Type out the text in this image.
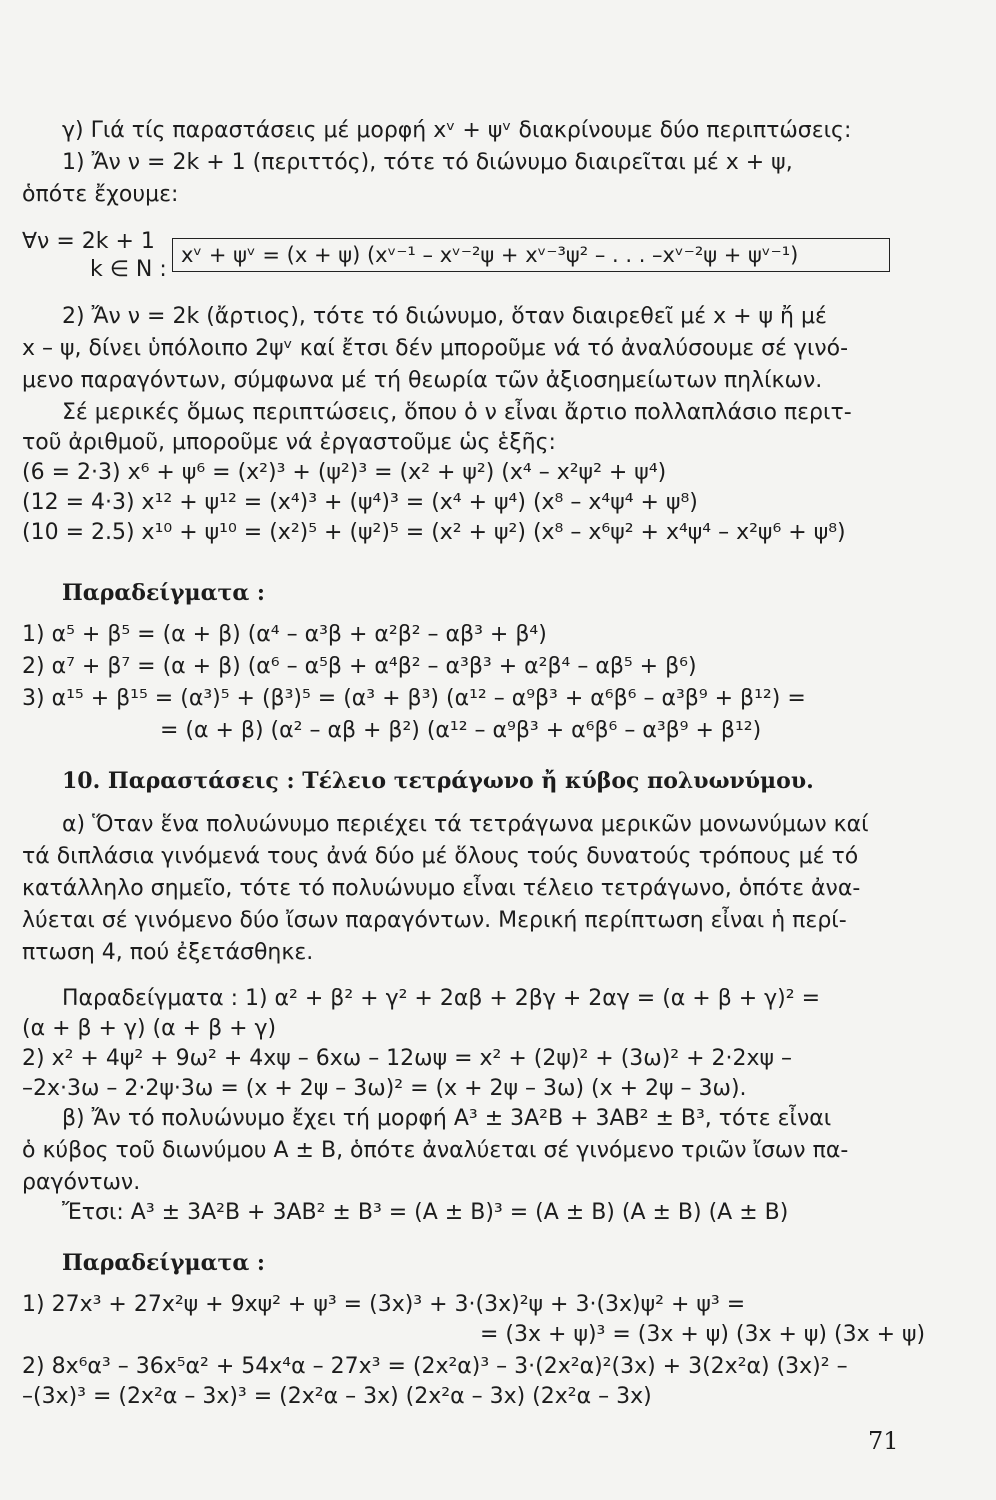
γ) Γιά τίς παραστάσεις μέ μορφή xᵛ + ψᵛ διακρίνουμε δύο περιπτώσεις:
1) Ἄν ν = 2k + 1 (περιττός), τότε τό διώνυμο διαιρεῖται μέ x + ψ,
ὁπότε ἔχουμε:
∀ν = 2k + 1
k ∈ N :
xᵛ + ψᵛ = (x + ψ) (xᵛ⁻¹ – xᵛ⁻²ψ + xᵛ⁻³ψ² – . . . –xᵛ⁻²ψ + ψᵛ⁻¹)
2) Ἄν ν = 2k (ἄρτιος), τότε τό διώνυμο, ὅταν διαιρεθεῖ μέ x + ψ ἤ μέ
x – ψ, δίνει ὑπόλοιπο 2ψᵛ καί ἔτσι δέν μποροῦμε νά τό ἀναλύσουμε σέ γινό-
μενο παραγόντων, σύμφωνα μέ τή θεωρία τῶν ἀξιοσημείωτων πηλίκων.
Σέ μερικές ὅμως περιπτώσεις, ὅπου ὁ ν εἶναι ἄρτιο πολλαπλάσιο περιτ-
τοῦ ἀριθμοῦ, μποροῦμε νά ἐργαστοῦμε ὡς ἑξῆς:
(6 = 2·3) x⁶ + ψ⁶ = (x²)³ + (ψ²)³ = (x² + ψ²) (x⁴ – x²ψ² + ψ⁴)
(12 = 4·3) x¹² + ψ¹² = (x⁴)³ + (ψ⁴)³ = (x⁴ + ψ⁴) (x⁸ – x⁴ψ⁴ + ψ⁸)
(10 = 2.5) x¹⁰ + ψ¹⁰ = (x²)⁵ + (ψ²)⁵ = (x² + ψ²) (x⁸ – x⁶ψ² + x⁴ψ⁴ – x²ψ⁶ + ψ⁸)
Παραδείγματα :
1) α⁵ + β⁵ = (α + β) (α⁴ – α³β + α²β² – αβ³ + β⁴)
2) α⁷ + β⁷ = (α + β) (α⁶ – α⁵β + α⁴β² – α³β³ + α²β⁴ – αβ⁵ + β⁶)
3) α¹⁵ + β¹⁵ = (α³)⁵ + (β³)⁵ = (α³ + β³) (α¹² – α⁹β³ + α⁶β⁶ – α³β⁹ + β¹²) =
= (α + β) (α² – αβ + β²) (α¹² – α⁹β³ + α⁶β⁶ – α³β⁹ + β¹²)
10. Παραστάσεις : Τέλειο τετράγωνο ἤ κύβος πολυωνύμου.
α) Ὅταν ἕνα πολυώνυμο περιέχει τά τετράγωνα μερικῶν μονωνύμων καί
τά διπλάσια γινόμενά τους ἀνά δύο μέ ὅλους τούς δυνατούς τρόπους μέ τό
κατάλληλο σημεῖο, τότε τό πολυώνυμο εἶναι τέλειο τετράγωνο, ὁπότε ἀνα-
λύεται σέ γινόμενο δύο ἴσων παραγόντων. Μερική περίπτωση εἶναι ἡ περί-
πτωση 4, πού ἐξετάσθηκε.
Παραδείγματα : 1) α² + β² + γ² + 2αβ + 2βγ + 2αγ = (α + β + γ)² =
(α + β + γ) (α + β + γ)
2) x² + 4ψ² + 9ω² + 4xψ – 6xω – 12ωψ = x² + (2ψ)² + (3ω)² + 2·2xψ –
–2x·3ω – 2·2ψ·3ω = (x + 2ψ – 3ω)² = (x + 2ψ – 3ω) (x + 2ψ – 3ω).
β) Ἄν τό πολυώνυμο ἔχει τή μορφή A³ ± 3A²B + 3AB² ± B³, τότε εἶναι
ὁ κύβος τοῦ διωνύμου A ± B, ὁπότε ἀναλύεται σέ γινόμενο τριῶν ἴσων πα-
ραγόντων.
Ἔτσι: A³ ± 3A²B + 3AB² ± B³ = (A ± B)³ = (A ± B) (A ± B) (A ± B)
Παραδείγματα :
1) 27x³ + 27x²ψ + 9xψ² + ψ³ = (3x)³ + 3·(3x)²ψ + 3·(3x)ψ² + ψ³ =
= (3x + ψ)³ = (3x + ψ) (3x + ψ) (3x + ψ)
2) 8x⁶α³ – 36x⁵α² + 54x⁴α – 27x³ = (2x²α)³ – 3·(2x²α)²(3x) + 3(2x²α) (3x)² –
–(3x)³ = (2x²α – 3x)³ = (2x²α – 3x) (2x²α – 3x) (2x²α – 3x)
71
